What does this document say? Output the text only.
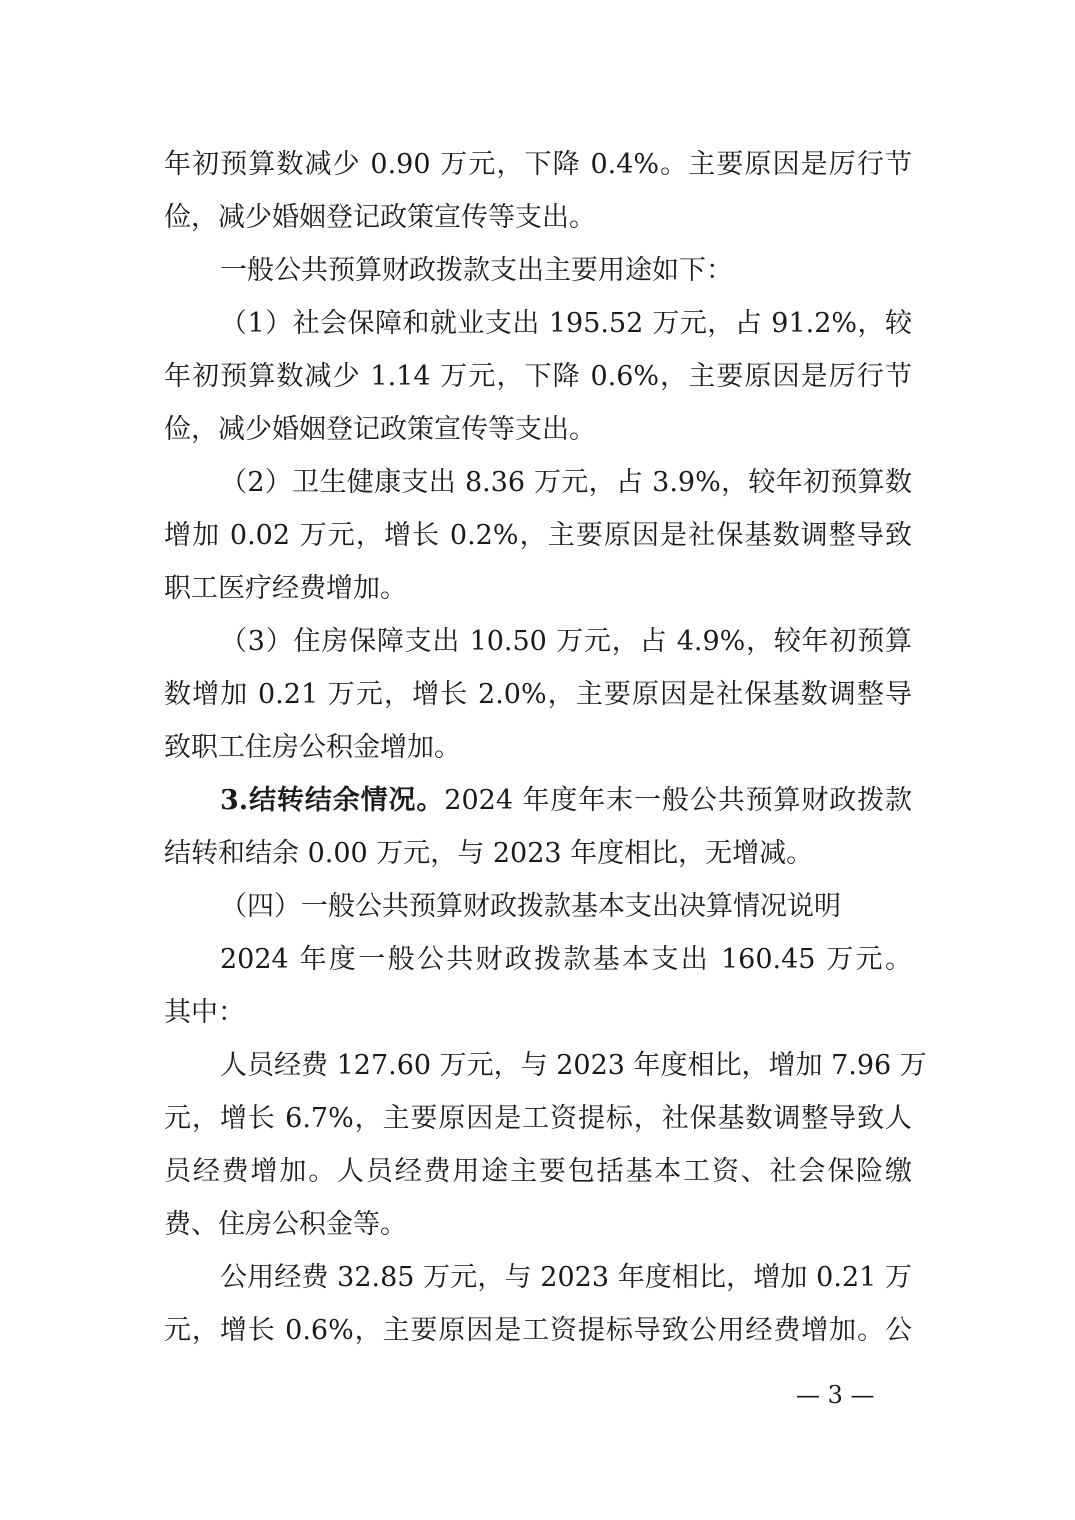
年初预算数减少 0.90 万元，下降 0.4%。主要原因是厉行节
俭，减少婚姻登记政策宣传等支出。
一般公共预算财政拨款支出主要用途如下：
（1）社会保障和就业支出 195.52 万元，占 91.2%，较
年初预算数减少 1.14 万元，下降 0.6%，主要原因是厉行节
俭，减少婚姻登记政策宣传等支出。
（2）卫生健康支出 8.36 万元，占 3.9%，较年初预算数
增加 0.02 万元，增长 0.2%，主要原因是社保基数调整导致
职工医疗经费增加。
（3）住房保障支出 10.50 万元，占 4.9%，较年初预算
数增加 0.21 万元，增长 2.0%，主要原因是社保基数调整导
致职工住房公积金增加。
3.结转结余情况。2024 年度年末一般公共预算财政拨款
结转和结余 0.00 万元，与 2023 年度相比，无增减。
（四）一般公共预算财政拨款基本支出决算情况说明
2024 年度一般公共财政拨款基本支出 160.45 万元。
其中：
人员经费 127.60 万元，与 2023 年度相比，增加 7.96 万
元，增长 6.7%，主要原因是工资提标，社保基数调整导致人
员经费增加。人员经费用途主要包括基本工资、社会保险缴
费、住房公积金等。
公用经费 32.85 万元，与 2023 年度相比，增加 0.21 万
元，增长 0.6%，主要原因是工资提标导致公用经费增加。公
— 3 —
